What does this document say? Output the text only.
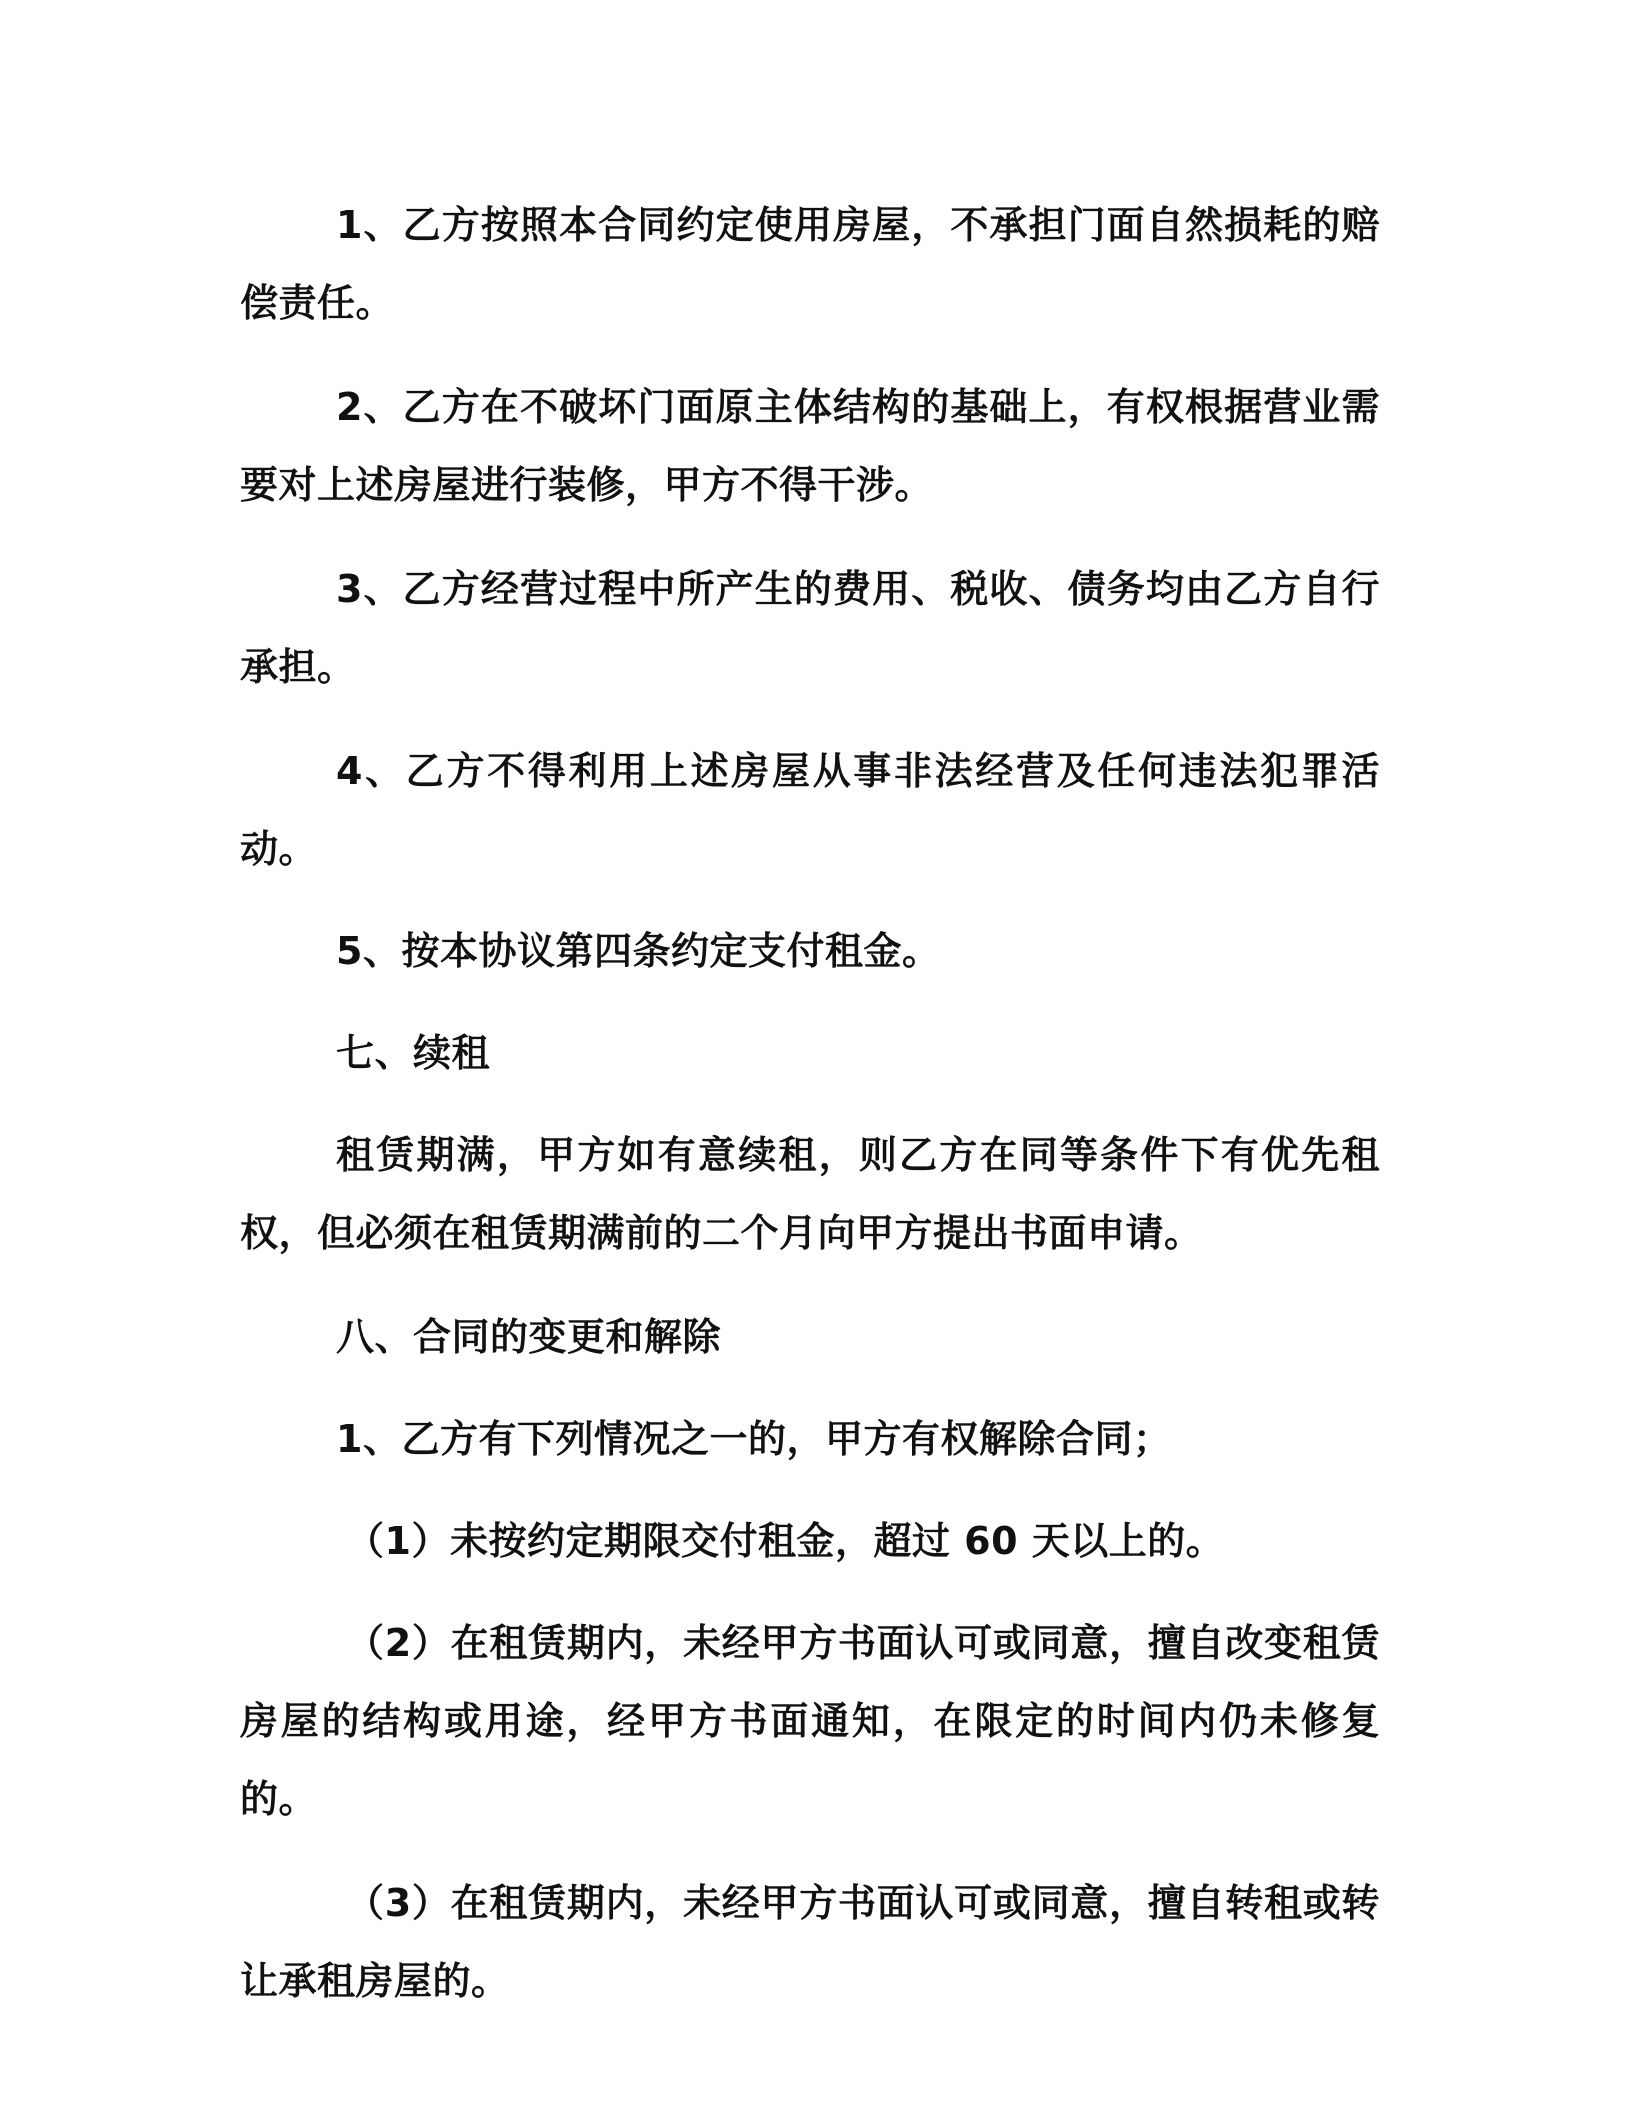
1、乙方按照本合同约定使用房屋，不承担门面自然损耗的赔偿责任。

2、乙方在不破坏门面原主体结构的基础上，有权根据营业需要对上述房屋进行装修，甲方不得干涉。

3、乙方经营过程中所产生的费用、税收、债务均由乙方自行承担。

4、乙方不得利用上述房屋从事非法经营及任何违法犯罪活动。

5、按本协议第四条约定支付租金。

七、续租

租赁期满，甲方如有意续租，则乙方在同等条件下有优先租权，但必须在租赁期满前的二个月向甲方提出书面申请。

八、合同的变更和解除

1、乙方有下列情况之一的，甲方有权解除合同；

（1）未按约定期限交付租金，超过 60 天以上的。

（2）在租赁期内，未经甲方书面认可或同意，擅自改变租赁房屋的结构或用途，经甲方书面通知，在限定的时间内仍未修复的。

（3）在租赁期内，未经甲方书面认可或同意，擅自转租或转让承租房屋的。
